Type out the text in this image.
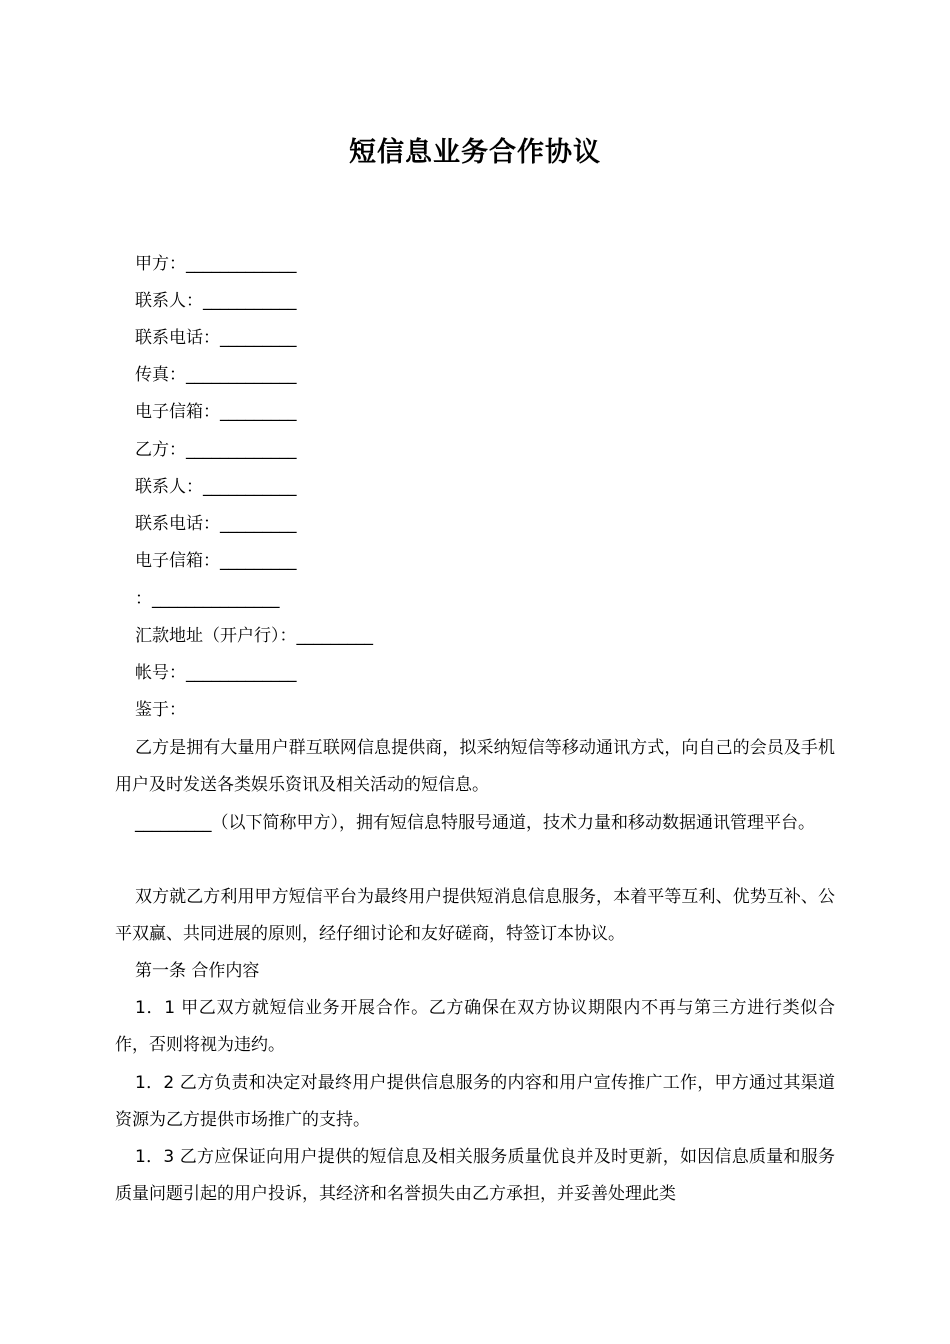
短信息业务合作协议
甲方：_____________
联系人：___________
联系电话：_________
传真：_____________
电子信箱：_________
乙方：_____________
联系人：___________
联系电话：_________
电子信箱：_________
：_______________
汇款地址（开户行）：_________
帐号：_____________
鉴于：
乙方是拥有大量用户群互联网信息提供商，拟采纳短信等移动通讯方式，向自己的会员及手机用户及时发送各类娱乐资讯及相关活动的短信息。
_________（以下简称甲方），拥有短信息特服号通道，技术力量和移动数据通讯管理平台。
双方就乙方利用甲方短信平台为最终用户提供短消息信息服务，本着平等互利、优势互补、公平双赢、共同进展的原则，经仔细讨论和友好磋商，特签订本协议。
第一条 合作内容
1．1 甲乙双方就短信业务开展合作。乙方确保在双方协议期限内不再与第三方进行类似合作，否则将视为违约。
1．2 乙方负责和决定对最终用户提供信息服务的内容和用户宣传推广工作，甲方通过其渠道资源为乙方提供市场推广的支持。
1．3 乙方应保证向用户提供的短信息及相关服务质量优良并及时更新，如因信息质量和服务质量问题引起的用户投诉，其经济和名誉损失由乙方承担，并妥善处理此类
